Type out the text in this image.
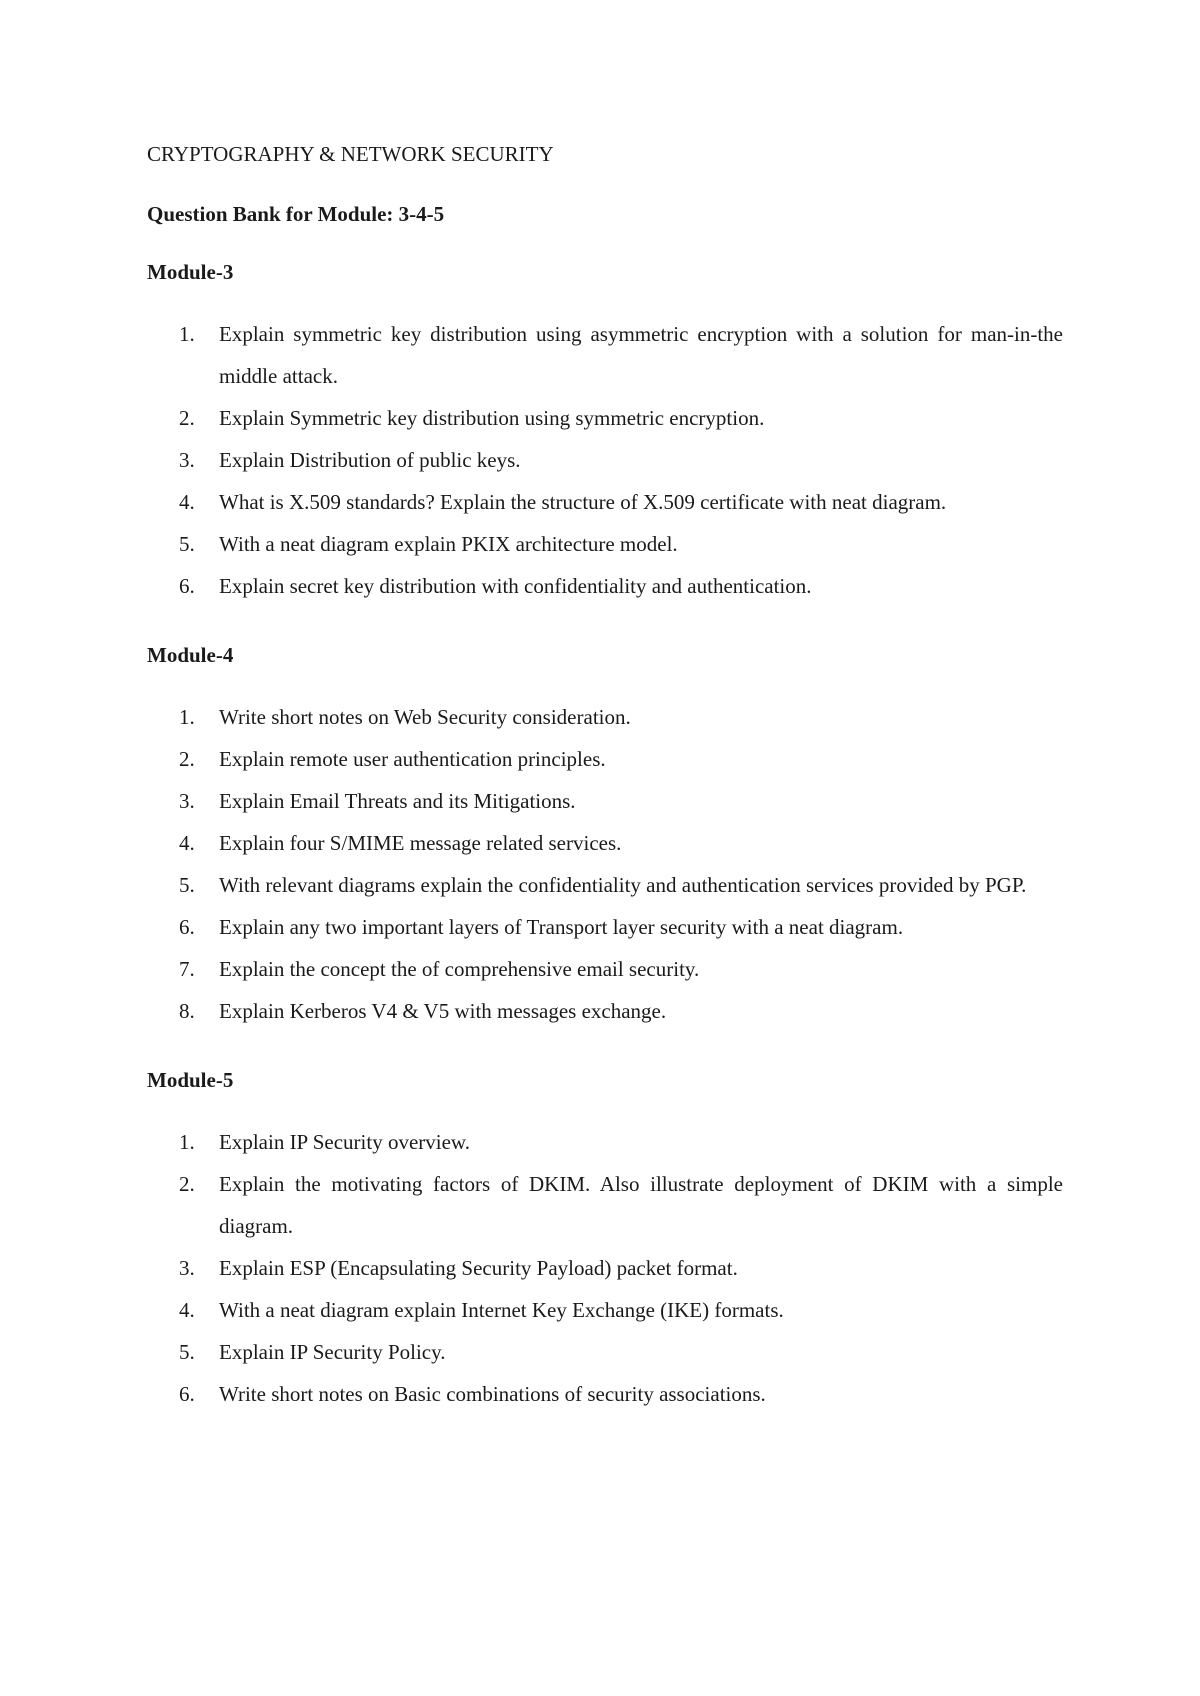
CRYPTOGRAPHY & NETWORK SECURITY
Question Bank for Module: 3-4-5
Module-3
1. Explain symmetric key distribution using asymmetric encryption with a solution for man-in-the middle attack.
2. Explain Symmetric key distribution using symmetric encryption.
3. Explain Distribution of public keys.
4. What is X.509 standards? Explain the structure of X.509 certificate with neat diagram.
5. With a neat diagram explain PKIX architecture model.
6. Explain secret key distribution with confidentiality and authentication.
Module-4
1. Write short notes on Web Security consideration.
2. Explain remote user authentication principles.
3. Explain Email Threats and its Mitigations.
4. Explain four S/MIME message related services.
5. With relevant diagrams explain the confidentiality and authentication services provided by PGP.
6. Explain any two important layers of Transport layer security with a neat diagram.
7. Explain the concept the of comprehensive email security.
8. Explain Kerberos V4 & V5 with messages exchange.
Module-5
1. Explain IP Security overview.
2. Explain the motivating factors of DKIM. Also illustrate deployment of DKIM with a simple diagram.
3. Explain ESP (Encapsulating Security Payload) packet format.
4. With a neat diagram explain Internet Key Exchange (IKE) formats.
5. Explain IP Security Policy.
6. Write short notes on Basic combinations of security associations.
